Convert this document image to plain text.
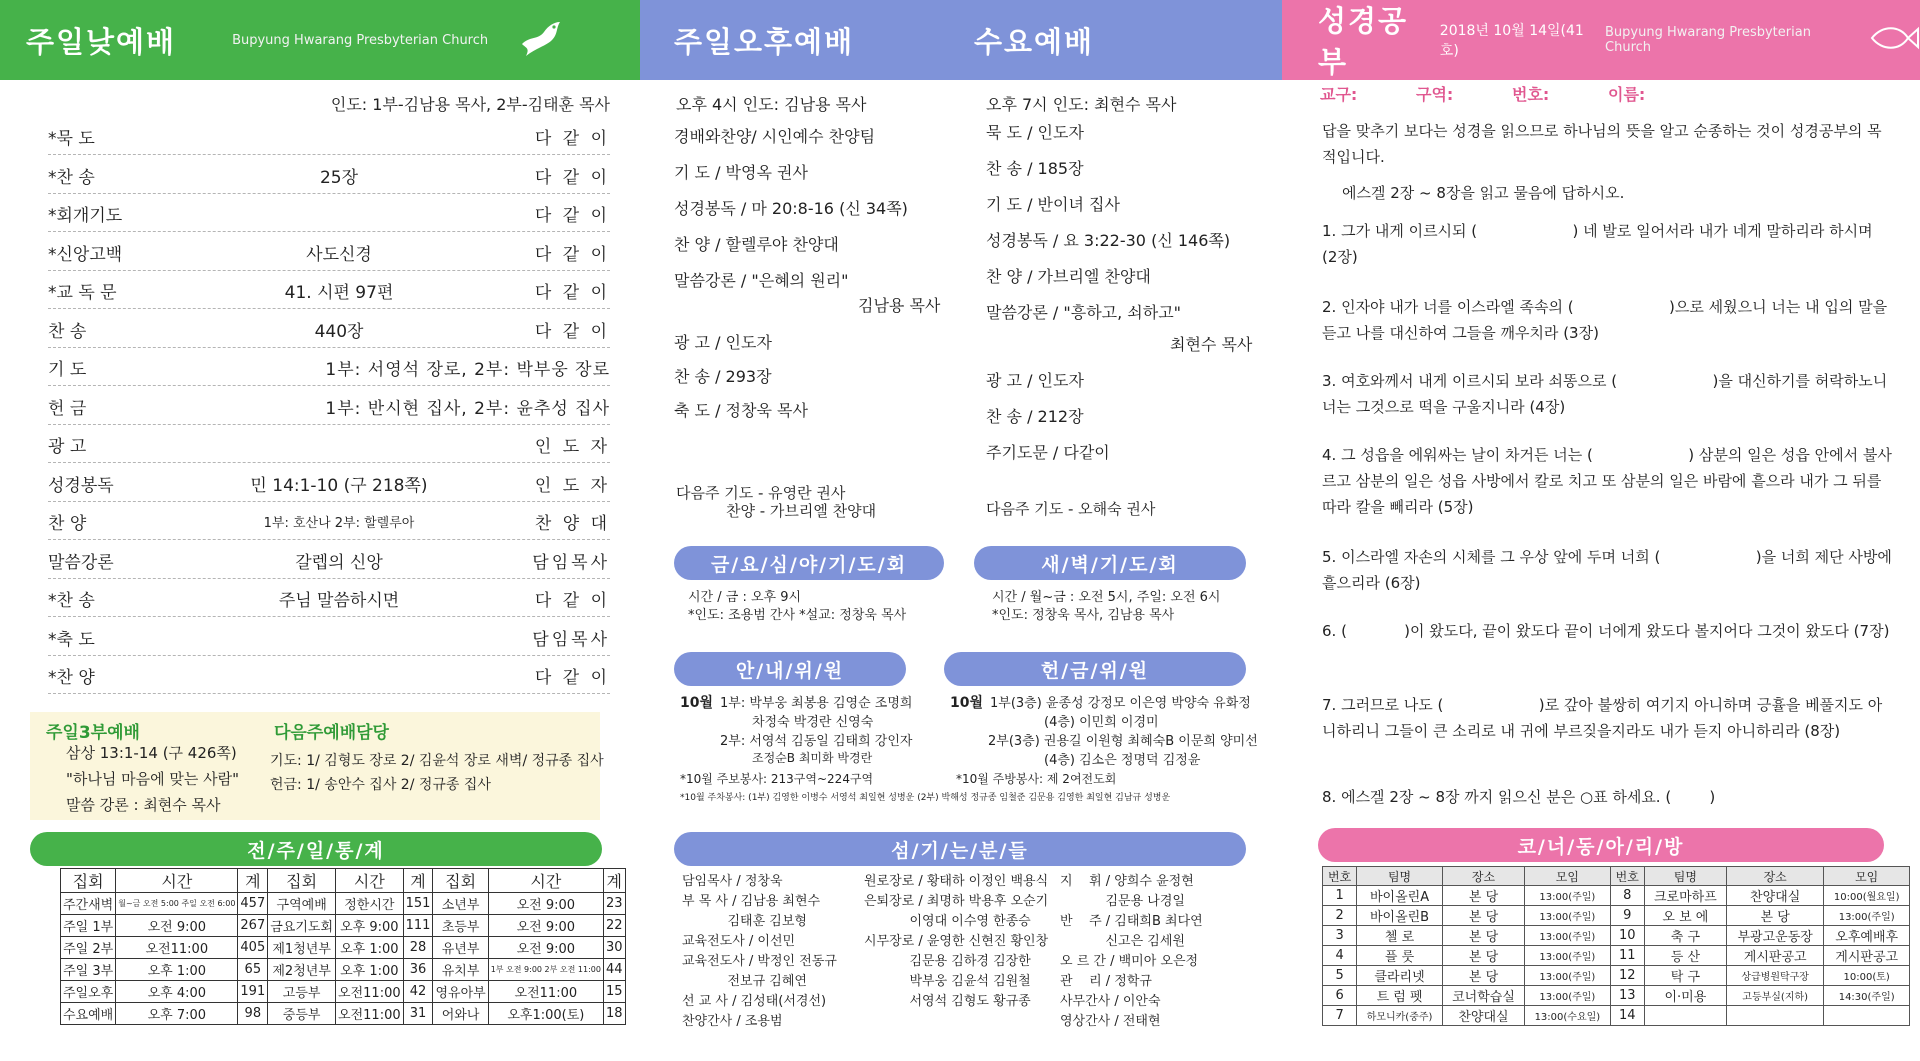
주일낮예배	Bupyung Hwarang Presbyterian Church
인도: 1부-김남용 목사, 2부-김태훈 목사
*묵 도	다 같 이
*찬 송	25장	다 같 이
*회개기도	다 같 이
*신앙고백	사도신경	다 같 이
*교 독 문	41. 시편 97편	다 같 이
찬 송	440장	다 같 이
기 도	1부: 서영석 장로, 2부: 박부웅 장로
헌 금	1부: 반시현 집사, 2부: 윤추성 집사
광 고	인 도 자
성경봉독	민 14:1-10 (구 218쪽)	인 도 자
찬 양	1부: 호산나 2부: 할렐루아	찬 양 대
말씀강론	갈렙의 신앙	담임목사
*찬 송	주님 말씀하시면	다 같 이
*축 도	담임목사
*찬 양	다 같 이
주일3부예배
삼상 13:1-14 (구 426쪽)
"하나님 마음에 맞는 사람"
말씀 강론 : 최현수 목사
다음주예배담당
기도: 1/ 김형도 장로 2/ 김윤석 장로 새벽/ 정규종 집사
헌금: 1/ 송안수 집사 2/ 정규종 집사
전/주/일/통/계
집회	시간	계	집회	시간	계	집회	시간	계
주간새벽	월~금 오전 5:00 주일 오전 6:00	457	구역예배	정한시간	151	소년부	오전 9:00	23
주일 1부	오전 9:00	267	금요기도회	오후 9:00	111	초등부	오전 9:00	22
주일 2부	오전11:00	405	제1청년부	오후 1:00	28	유년부	오전 9:00	30
주일 3부	오후 1:00	65	제2청년부	오후 1:00	36	유치부	1부 오전 9:00 2부 오전 11:00	44
주일오후	오후 4:00	191	고등부	오전11:00	42	영유아부	오전11:00	15
수요예배	오후 7:00	98	중등부	오전11:00	31	어와나	오후1:00(토)	18
주일오후예배	수요예배
오후 4시 인도: 김남용 목사
경배와찬양/ 시인예수 찬양팀
기 도 / 박영옥 권사
성경봉독 / 마 20:8-16 (신 34쪽)
찬 양 / 할렐루야 찬양대
말씀강론 / "은혜의 원리"
김남용 목사
광 고 / 인도자
찬 송 / 293장
축 도 / 정창욱 목사
다음주 기도 - 유영란 권사
찬양 - 가브리엘 찬양대
오후 7시 인도: 최현수 목사
묵 도 / 인도자
찬 송 / 185장
기 도 / 반이녀 집사
성경봉독 / 요 3:22-30 (신 146쪽)
찬 양 / 가브리엘 찬양대
말씀강론 / "흥하고, 쇠하고"
최현수 목사
광 고 / 인도자
찬 송 / 212장
주기도문 / 다같이
다음주 기도 - 오해숙 권사
금/요/심/야/기/도/회
시간 / 금 : 오후 9시
*인도: 조용범 간사 *설교: 정창욱 목사
새/벽/기/도/회
시간 / 월~금 : 오전 5시, 주일: 오전 6시
*인도: 정창욱 목사, 김남용 목사
안/내/위/원
10월 1부: 박부웅 최봉용 김영순 조명희
차정숙 박경란 신영숙
2부: 서영석 김동일 김태희 강인자
조정순B 최미화 박경란
*10월 주보봉사: 213구역~224구역
*10월 주차봉사: (1부) 김영한 이병수 서영석 최일현 성병운 (2부) 박해성 정규종 임철준 김문용 김영한 최일현 김남규 성병운
헌/금/위/원
10월 1부(3층) 윤종성 강정모 이은영 박양숙 유화정
(4층) 이민희 이경미
2부(3층) 권용길 이원형 최혜숙B 이문희 양미선
(4층) 김소은 정명덕 김정윤
*10월 주방봉사: 제 2여전도회
섬/기/는/분/들
담임목사 / 정창욱
부 목 사 / 김남용 최현수
김태훈 김보형
교육전도사 / 이선민
교육전도사 / 박정인 전동규
전보규 김혜연
선 교 사 / 김성태(서경선)
찬양간사 / 조용범
원로장로 / 황태하 이정인 백용식
은퇴장로 / 최명하 박용후 오순기
이영대 이수영 한종승
시무장로 / 윤영한 신현진 황인창
김문용 김하경 김장한
박부웅 김윤석 김원철
서영석 김형도 황규종
지    휘 / 양희수 윤정현
김문용 나경일
반    주 / 김태희B 최다연
신고은 김세원
오 르 간 / 백미아 오은정
관    리 / 정학규
사무간사 / 이안숙
영상간사 / 전태현
성경공부
2018년 10월 14일(41호)
Bupyung Hwarang Presbyterian Church
교구:	구역:	번호:	이름:
답을 맞추기 보다는 성경을 읽으므로 하나님의 뜻을 알고 순종하는 것이 성경공부의 목적입니다.
에스겔 2장 ~ 8장을 읽고 물음에 답하시오.
1. 그가 내게 이르시되 (                    ) 네 발로 일어서라 내가 네게 말하리라 하시며 (2장)
2. 인자야 내가 너를 이스라엘 족속의 (                    )으로 세웠으니 너는 내 입의 말을 듣고 나를 대신하여 그들을 깨우치라 (3장)
3. 여호와께서 내게 이르시되 보라 쇠똥으로 (                    )을 대신하기를 허락하노니 너는 그것으로 떡을 구울지니라 (4장)
4. 그 성읍을 에워싸는 날이 차거든 너는 (                    ) 삼분의 일은 성읍 안에서 불사르고 삼분의 일은 성읍 사방에서 칼로 치고 또 삼분의 일은 바람에 흩으라 내가 그 뒤를 따라 칼을 빼리라 (5장)
5. 이스라엘 자손의 시체를 그 우상 앞에 두며 너희 (                    )을 너희 제단 사방에 흩으리라 (6장)
6. (            )이 왔도다, 끝이 왔도다 끝이 너에게 왔도다 볼지어다 그것이 왔도다 (7장)
7. 그러므로 나도 (                    )로 갚아 불쌍히 여기지 아니하며 긍휼을 베풀지도 아니하리니 그들이 큰 소리로 내 귀에 부르짖을지라도 내가 듣지 아니하리라 (8장)
8. 에스겔 2장 ~ 8장 까지 읽으신 분은 ○표 하세요. (        )
코/너/동/아/리/방
번호	팀명	장소	모임	번호	팀명	장소	모임
1	바이올린A	본 당	13:00(주일)	8	크로마하프	찬양대실	10:00(월요일)
2	바이올린B	본 당	13:00(주일)	9	오 보 에	본 당	13:00(주일)
3	첼 로	본 당	13:00(주일)	10	축 구	부광고운동장	오후예배후
4	플 룻	본 당	13:00(주일)	11	등 산	게시판공고	게시판공고
5	클라리넷	본 당	13:00(주일)	12	탁 구	상급병원탁구장	10:00(토)
6	트 럼 펫	코너학습실	13:00(주일)	13	이·미용	고등부실(지하)	14:30(주일)
7	하모니카(중주)	찬양대실	13:00(수요일)	14			
